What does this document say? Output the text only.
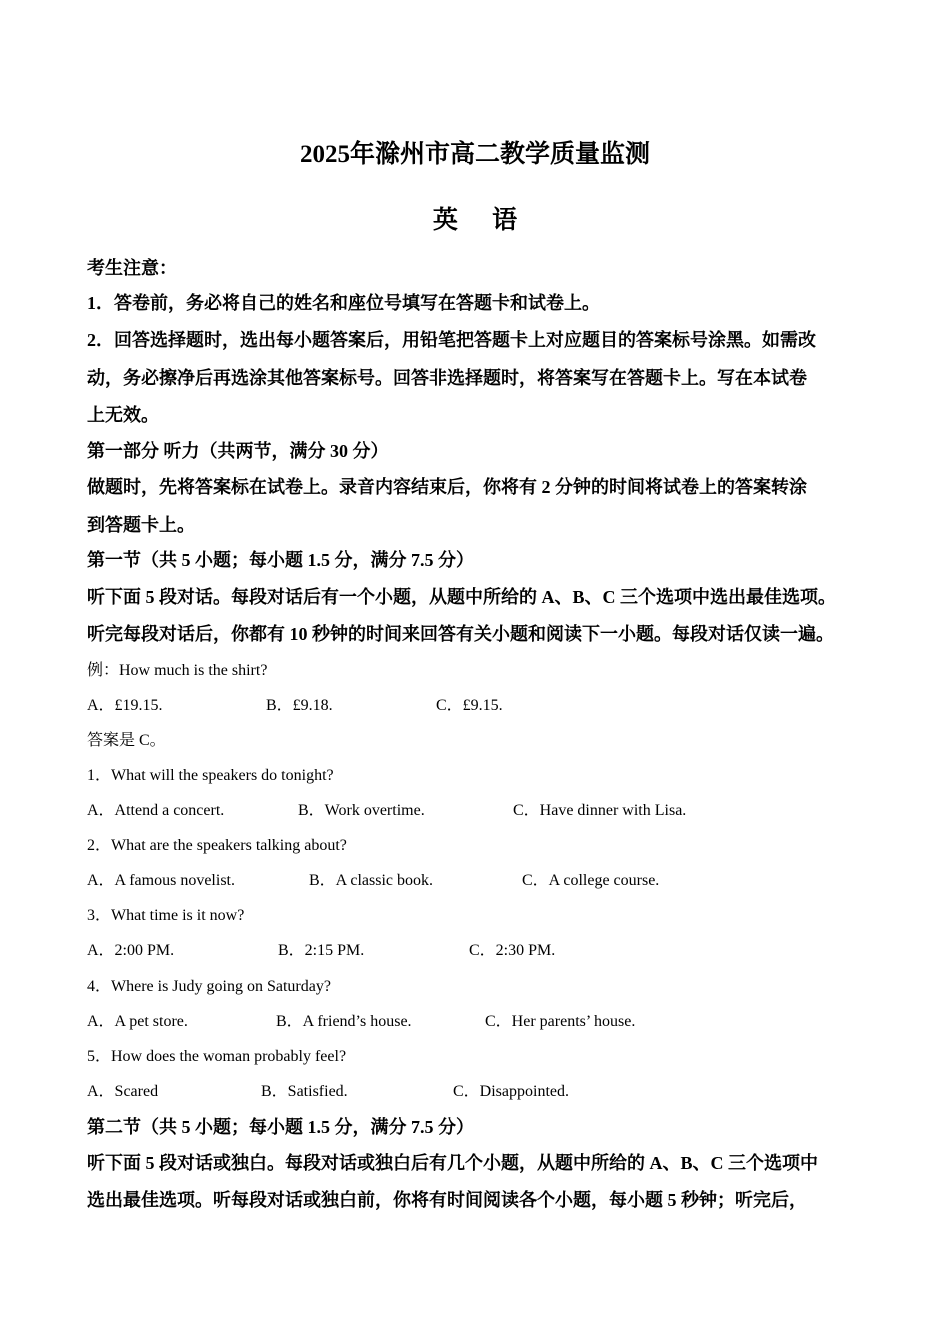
2025年滁州市高二教学质量监测
英 语
考生注意：
1．答卷前，务必将自己的姓名和座位号填写在答题卡和试卷上。
2．回答选择题时，选出每小题答案后，用铅笔把答题卡上对应题目的答案标号涂黑。如需改
动，务必擦净后再选涂其他答案标号。回答非选择题时，将答案写在答题卡上。写在本试卷
上无效。
第一部分 听力（共两节，满分 30 分）
做题时，先将答案标在试卷上。录音内容结束后，你将有 2 分钟的时间将试卷上的答案转涂
到答题卡上。
第一节（共 5 小题；每小题 1.5 分，满分 7.5 分）
听下面 5 段对话。每段对话后有一个小题，从题中所给的 A、B、C 三个选项中选出最佳选项。
听完每段对话后，你都有 10 秒钟的时间来回答有关小题和阅读下一小题。每段对话仅读一遍。
例：How much is the shirt?
A．£19.15.	B．£9.18.	C．£9.15.
答案是 C。
1．What will the speakers do tonight?
A．Attend a concert.	B．Work overtime.	C．Have dinner with Lisa.
2．What are the speakers talking about?
A．A famous novelist.	B．A classic book.	C．A college course.
3．What time is it now?
A．2:00 PM.	B．2:15 PM.	C．2:30 PM.
4．Where is Judy going on Saturday?
A．A pet store.	B．A friend’s house.	C．Her parents’ house.
5．How does the woman probably feel?
A．Scared	B．Satisfied.	C．Disappointed.
第二节（共 5 小题；每小题 1.5 分，满分 7.5 分）
听下面 5 段对话或独白。每段对话或独白后有几个小题，从题中所给的 A、B、C 三个选项中
选出最佳选项。听每段对话或独白前，你将有时间阅读各个小题，每小题 5 秒钟；听完后，
